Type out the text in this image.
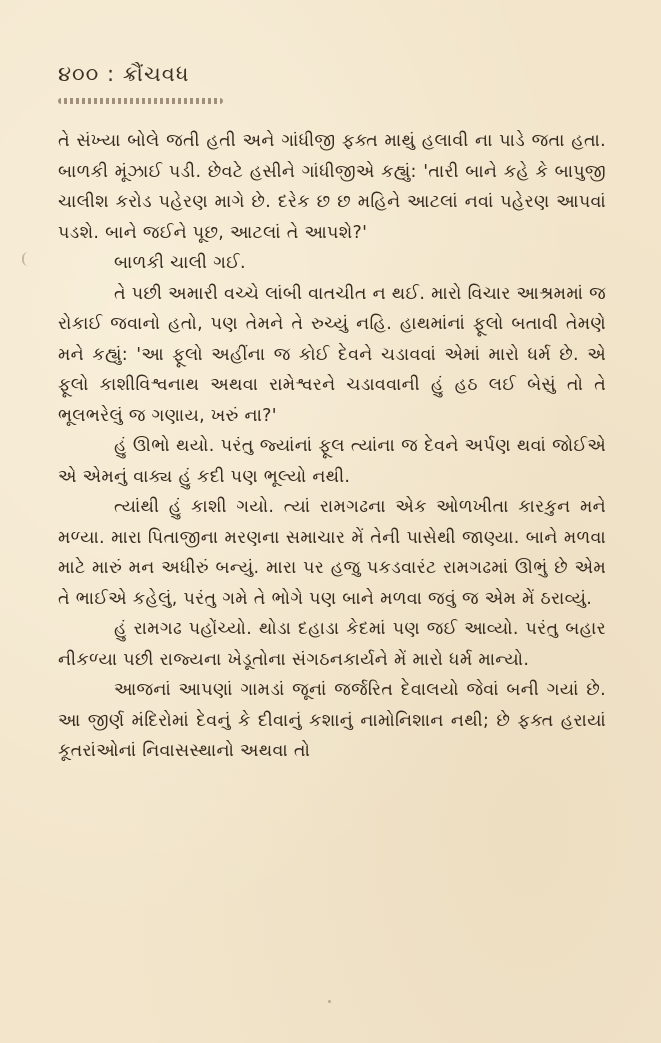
૪૦૦ : ક્રૌંચવધ

તે સંખ્યા બોલે જતી હતી અને ગાંધીજી ફક્ત માથું હલાવી ના પાડે જતા હતા. બાળકી મૂંઝાઈ પડી. છેવટે હસીને ગાંધીજીએ કહ્યું: 'તારી બાને કહે કે બાપુજી ચાલીશ કરોડ પહેરણ માગે છે. દરેક છ છ મહિને આટલાં નવાં પહેરણ આપવાં પડશે. બાને જઈને પૂછ, આટલાં તે આપશે?'

બાળકી ચાલી ગઈ.

તે પછી અમારી વચ્ચે લાંબી વાતચીત ન થઈ. મારો વિચાર આશ્રમમાં જ રોકાઈ જવાનો હતો, પણ તેમને તે રુચ્યું નહિ. હાથમાંનાં ફૂલો બતાવી તેમણે મને કહ્યું: 'આ ફૂલો અહીંના જ કોઈ દેવને ચડાવવાં એમાં મારો ધર્મ છે. એ ફૂલો કાશીવિશ્વનાથ અથવા રામેશ્વરને ચડાવવાની હું હઠ લઈ બેસું તો તે ભૂલભરેલું જ ગણાય, ખરું ના?'

હું ઊભો થયો. પરંતુ જ્યાંનાં ફૂલ ત્યાંના જ દેવને અર્પણ થવાં જોઈએ એ એમનું વાક્ય હું કદી પણ ભૂલ્યો નથી.

ત્યાંથી હું કાશી ગયો. ત્યાં રામગઢના એક ઓળખીતા કારકુન મને મળ્યા. મારા પિતાજીના મરણના સમાચાર મેં તેની પાસેથી જાણ્યા. બાને મળવા માટે મારું મન અધીરું બન્યું. મારા પર હજુ પકડવારંટ રામગઢમાં ઊભું છે એમ તે ભાઈએ કહેલું, પરંતુ ગમે તે ભોગે પણ બાને મળવા જવું જ એમ મેં ઠરાવ્યું.

હું રામગઢ પહોંચ્યો. થોડા દહાડા કેદમાં પણ જઈ આવ્યો. પરંતુ બહાર નીકળ્યા પછી રાજ્યના ખેડૂતોના સંગઠનકાર્યને મેં મારો ધર્મ માન્યો.

આજનાં આપણાં ગામડાં જૂનાં જર્જરિત દેવાલયો જેવાં બની ગયાં છે. આ જીર્ણ મંદિરોમાં દેવનું કે દીવાનું કશાનું નામોનિશાન નથી; છે ફક્ત હરાયાં કૂતરાંઓનાં નિવાસસ્થાનો અથવા તો
